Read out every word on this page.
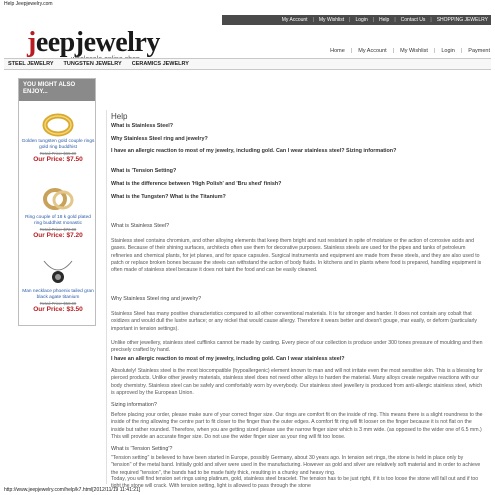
Help Jeepjewelry.com
My Account | My Wishlist | Login | Help | Contact Us | SHOPPING JEWELRY
jeepjewelry	Home | My Account | My Wishlist | Login | Payment
STEEL JEWELRY TUNGSTEN JEWELRY CERAMICS JEWELRY
YOU MIGHT ALSO ENJOY...
Golden tungsten gold couple rings gold ring buddhist
Retail Price: $65.00
Our Price: $7.50
Ring couple of 18 k gold plated ring buddhist monastic
Retail Price: $72.00
Our Price: $7.20
Man necklace phoenix tailed gran black agate titanium
Retail Price: $58.00
Our Price: $3.50
Help
What is Stainless Steel?
Why Stainless Steel ring and jewelry?
I have an allergic reaction to most of my jewelry, including gold. Can I wear stainless steel? Sizing information?
What is 'Tension Setting?
What is the difference between 'High Polish' and 'Bru shed' finish?
What is the Tungsten? What is the Titanium?
What is Stainless Steel?
Stainless steel contains chromium, and other alloying elements that keep them bright and rust resistant in spite of moisture or the action of corrosive acids and gases. Because of their shining surfaces, architects often use them for decorative purposes. Stainless steels are used for the pipes and tanks of petroleum refineries and chemical plants, for jet planes, and for space capsules. Surgical instruments and equipment are made from these steels, and they are also used to patch or replace broken bones because the steels can withstand the action of body fluids. In kitchens and in plants where food is prepared, handling equipment is often made of stainless steel because it does not taint the food and can be easily cleaned.
Why Stainless Steel ring and jewelry?
Stainless Steel has many positive characteristics compared to all other conventional materials. It is far stronger and harder. It does not contain any cobalt that oxidizes and would dull the lustre surface; or any nickel that would cause allergy. Therefore it wears better and doesn't gouge, mar easily, or deform (particularly important in tension settings).
Unlike other jewellery, stainless steel cufflinks cannot be made by casting. Every piece of our collection is produce under 300 tones pressure of moulding and then precisely crafted by hand.
I have an allergic reaction to most of my jewelry, including gold. Can I wear stainless steel?
Absolutely! Stainless steel is the most biocompatible (hypoallergenic) element known to man and will not irritate even the most sensitive skin. This is a blessing for pierced products. Unlike other jewelry materials, stainless steel does not need other alloys to harden the material. Many alloys create negative reactions with our body chemistry. Stainless steel can be safely and comfortably worn by everybody. Our stainless steel jewellery is produced from anti-allergic stainless steel, which is approved by the European Union.
Sizing information?
Before placing your order, please make sure of your correct finger size. Our rings are comfort fit on the inside of ring. This means there is a slight roundness to the inside of the ring allowing the centre part to fit closer to the finger than the outer edges. A comfort fit ring will fit looser on the finger because it is not flat on the inside but rather rounded. Therefore, when you are getting sized please use the narrow finger sizer which is 3 mm wide. (as opposed to the wider one of 6.5 mm.) This will provide an accurate finger size. Do not use the wider finger sizer as your ring will fit too loose.
What is 'Tension Setting'?
"Tension setting" is believed to have been started in Europe, possibly Germany, about 30 years ago. In tension set rings, the stone is held in place only by "tension" of the metal band. Initially gold and silver were used in the manufacturing. However as gold and silver are relatively soft material and in order to achieve the required "tension", the bands had to be made fairly thick, resulting in a chunky and heavy ring.
Today, you will find tension set rings using platinum, gold, stainless steel bracelet. The tension has to be just right, if it is too loose the stone will fall out and if too tight the stone will crack. With tension setting, light is allowed to pass through the stone
http://www.jeepjewelry.com/help/k7.html[2012/11/19 11:41:21]
